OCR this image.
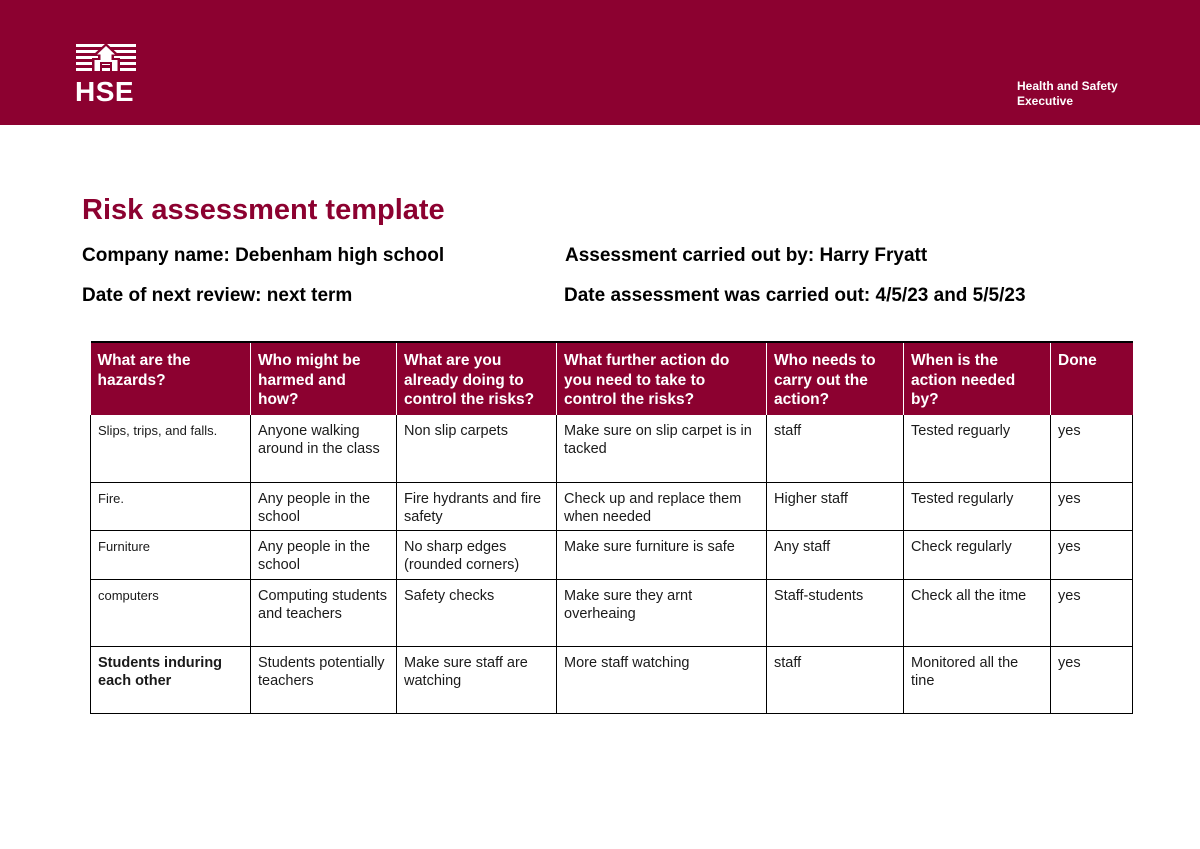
HSE	Health and Safety
Executive
Risk assessment template
Company name: Debenham high school	Assessment carried out by: Harry Fryatt
Date of next review: next term	Date assessment was carried out: 4/5/23 and 5/5/23
What are the hazards?	Who might be harmed and how?	What are you already doing to control the risks?	What further action do you need to take to control the risks?	Who needs to carry out the action?	When is the action needed by?	Done
Slips, trips, and falls.	Anyone walking around in the class	Non slip carpets	Make sure on slip carpet is in tacked	staff	Tested reguarly	yes
Fire.	Any people in the school	Fire hydrants and fire safety	Check up and replace them when needed	Higher staff	Tested regularly	yes
Furniture	Any people in the school	No sharp edges (rounded corners)	Make sure furniture is safe	Any staff	Check regularly	yes
computers	Computing students and teachers	Safety checks	Make sure they arnt overheaing	Staff-students	Check all the itme	yes
Students induring each other	Students potentially teachers	Make sure staff are watching	More staff watching	staff	Monitored all the tine	yes
